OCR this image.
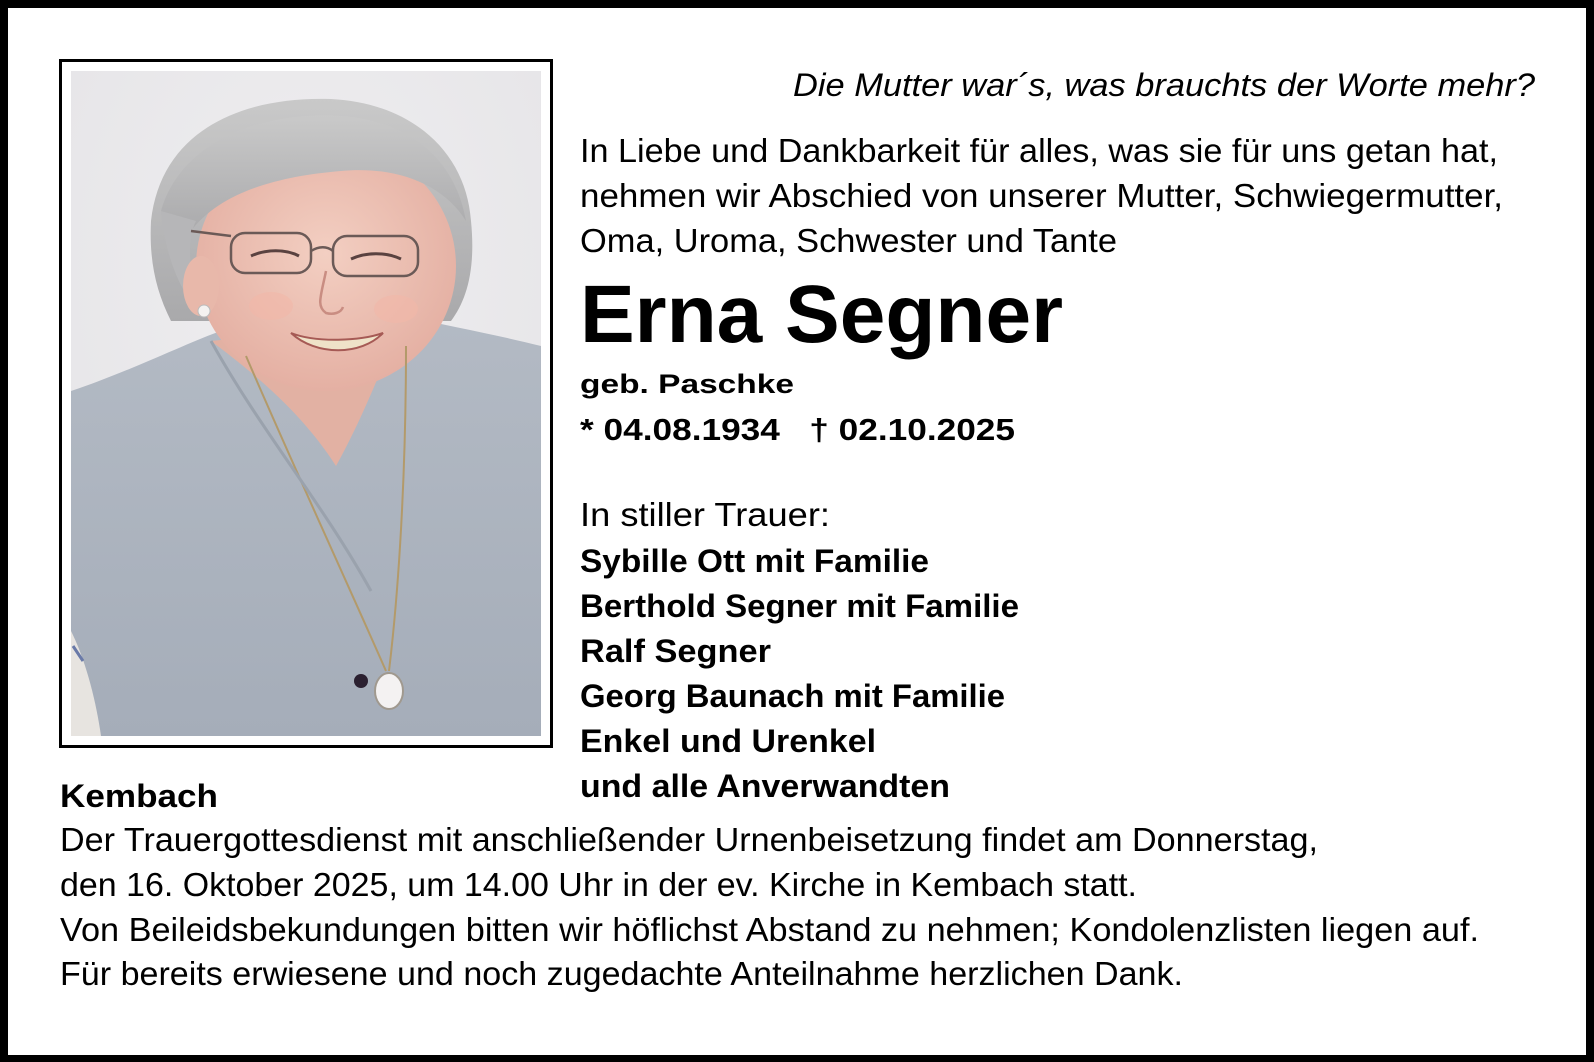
Die Mutter war´s, was brauchts der Worte mehr?
In Liebe und Dankbarkeit für alles, was sie für uns getan hat,
nehmen wir Abschied von unserer Mutter, Schwiegermutter,
Oma, Uroma, Schwester und Tante
Erna Segner
geb. Paschke
* 04.08.1934   † 02.10.2025
In stiller Trauer:
Sybille Ott mit Familie
Berthold Segner mit Familie
Ralf Segner
Georg Baunach mit Familie
Enkel und Urenkel
und alle Anverwandten
Kembach
Der Trauergottesdienst mit anschließender Urnenbeisetzung findet am Donnerstag,
den 16. Oktober 2025, um 14.00 Uhr in der ev. Kirche in Kembach statt.
Von Beileidsbekundungen bitten wir höflichst Abstand zu nehmen; Kondolenzlisten liegen auf.
Für bereits erwiesene und noch zugedachte Anteilnahme herzlichen Dank.
